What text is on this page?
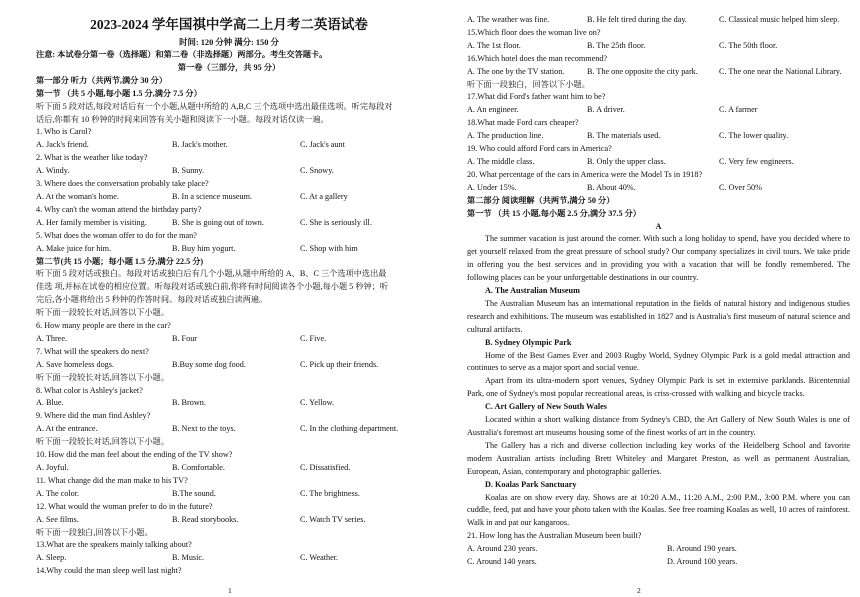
2023-2024 学年国祺中学高二上月考二英语试卷
时间: 120 分钟 满分: 150 分
注意: 本试卷分第一卷（选择题）和第二卷（非选择题）两部分。考生交答题卡。
第一卷（三部分，共 95 分）
第一部分 听力（共两节,满分 30 分）
第一节 （共 5 小题,每小题 1.5 分,满分 7.5 分）
听下面 5 段对话,每段对话后有一个小题,从题中所给的 A,B,C 三个选项中选出最佳选项。听完每段对
话后,你都有 10 秒钟的时间来回答有关小题和阅读下一小题。每段对话仅读一遍。
1. Who is Carol?
A. Jack's friend.	B. Jack's mother.	C. Jack's aunt
2. What is the weather like today?
A. Windy.	B. Sunny.	C. Snowy.
3. Where does the conversation probably take place?
A. At the woman's home.	B. In a science museum.	C. At a gallery
4. Why can't the woman attend the birthday party?
A. Her family member is visiting.	B. She is going out of town.	C. She is seriously ill.
5. What does the woman offer to do for the man?
A. Make juice for him.	B. Buy him yogurt.	C. Shop with him
第二节(共 15 小题；每小题 1.5 分,满分 22.5 分)
听下面 5 段对话或独白。每段对话或独白后有几个小题,从题中所给的 A、B、C 三个选项中选出最
佳选 项,并标在试卷的相应位置。听每段对话或独白前,你将有时间阅读各个小题,每小题 5 秒钟；听
完后,各小题将给出 5 秒钟的作答时间。每段对话或独白读两遍。
听下面一段较长对话,回答以下小题。
6. How many people are there in the car?
A. Three.	B. Four	C. Five.
7. What will the speakers do next?
A. Save homeless dogs.	B.Buy some dog food.	C. Pick up their friends.
听下面一段较长对话,回答以下小题。
8. What color is Ashley's jacket?
A. Blue.	B. Brown.	C. Yellow.
9. Where did the man find Ashley?
A. At the entrance.	B. Next to the toys.	C. In the clothing department.
听下面一段较长对话,回答以下小题。
10. How did the man feel about the ending of the TV show?
A. Joyful.	B. Comfortable.	C. Dissatisfied.
11. What change did the man make to his TV?
A. The color.	B.The sound.	C. The brightness.
12. What would the woman prefer to do in the future?
A. See films.	B. Read storybooks.	C. Watch TV series.
听下面一段独白,回答以下小题。
13.What are the speakers mainly talking about?
A. Sleep.	B. Music.	C. Weather.
14.Why could the man sleep well last night?
1
A. The weather was fine.	B. He felt tired during the day.	C. Classical music helped him sleep.
15.Which floor does the woman live on?
A. The 1st floor.	B. The 25th floor.	C. The 50th floor.
16.Which hotel does the man recommend?
A. The one by the TV station.	B. The one opposite the city park.	C. The one near the National Library.
听下面一段独白，回答以下小题。
17.What did Ford's father want him to be?
A. An engineer.	B. A driver.	C. A farmer
18.What made Ford cars cheaper?
A. The production line.	B. The materials used.	C. The lower quality.
19. Who could afford Ford cars in America?
A. The middle class.	B. Only the upper class.	C. Very few engineers.
20. What percentage of the cars in America were the Model Ts in 1918?
A. Under 15%.	B. About 40%.	C. Over 50%
第二部分 阅读理解（共两节,满分 50 分）
第一节 （共 15 小题,每小题 2.5 分,满分 37.5 分）
A
The summer vacation is just around the corner. With such a long holiday to spend, have you decided where to get yourself relaxed from the great pressure of school study? Our company specializes in civil tours. We take pride in offering you the best services and in providing you with a vacation that will be fondly remembered. The following places can be your unforgettable destinations in our country.
A. The Australian Museum
The Australian Museum has an international reputation in the fields of natural history and indigenous studies research and exhibitions. The museum was established in 1827 and is Australia's first museum of natural science and cultural artifacts.
B. Sydney Olympic Park
Home of the Best Games Ever and 2003 Rugby World, Sydney Olympic Park is a gold medal attraction and continues to serve as a major sport and social venue.
Apart from its ultra-modern sport venues, Sydney Olympic Park is set in extensive parklands. Bicentennial Park, one of Sydney's most popular recreational areas, is criss-crossed with walking and bicycle tracks.
C. Art Gallery of New South Wales
Located within a short walking distance from Sydney's CBD, the Art Gallery of New South Wales is one of Australia's foremost art museums housing some of the finest works of art in the country.
The Gallery has a rich and diverse collection including key works of the Heidelberg School and favorite modern Australian artists including Brett Whiteley and Margaret Preston, as well as permanent Australian, European, Asian, contemporary and photographic galleries.
D. Koalas Park Sanctuary
Koalas are on show every day. Shows are at 10:20 A.M., 11:20 A.M., 2:00 P.M., 3:00 P.M. where you can cuddle, feed, pat and have your photo taken with the Koalas. See free roaming Koalas as well, 10 acres of rainforest. Walk in and pat our kangaroos.
21. How long has the Australian Museum been built?
A. Around 230 years.	B. Around 190 years.
C. Around 140 years.	D. Around 100 years.
2
